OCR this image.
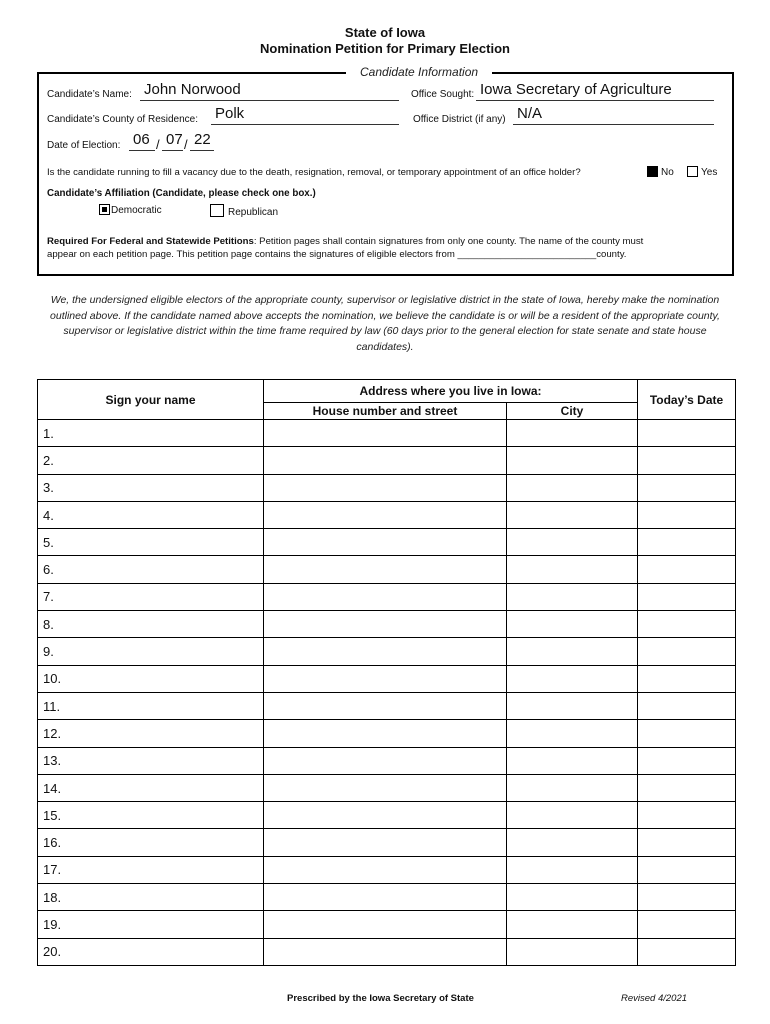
State of Iowa
Nomination Petition for Primary Election
Candidate Information
Candidate’s Name: John Norwood	Office Sought: Iowa Secretary of Agriculture
Candidate’s County of Residence: Polk	Office District (if any) N/A
Date of Election: 06 / 07 / 22
Is the candidate running to fill a vacancy due to the death, resignation, removal, or temporary appointment of an office holder?	No	Yes
Candidate’s Affiliation (Candidate, please check one box.)
Democratic	Republican
Required For Federal and Statewide Petitions: Petition pages shall contain signatures from only one county. The name of the county must
appear on each petition page. This petition page contains the signatures of eligible electors from __________________________county.
We, the undersigned eligible electors of the appropriate county, supervisor or legislative district in the state of Iowa, hereby make the nomination outlined above. If the candidate named above accepts the nomination, we believe the candidate is or will be a resident of the appropriate county, supervisor or legislative district within the time frame required by law (60 days prior to the general election for state senate and state house candidates).
Sign your name	Address where you live in Iowa:		Today’s Date
	House number and street	City	
1.			
2.			
3.			
4.			
5.			
6.			
7.			
8.			
9.			
10.			
11.			
12.			
13.			
14.			
15.			
16.			
17.			
18.			
19.			
20.			
Prescribed by the Iowa Secretary of State	Revised 4/2021
